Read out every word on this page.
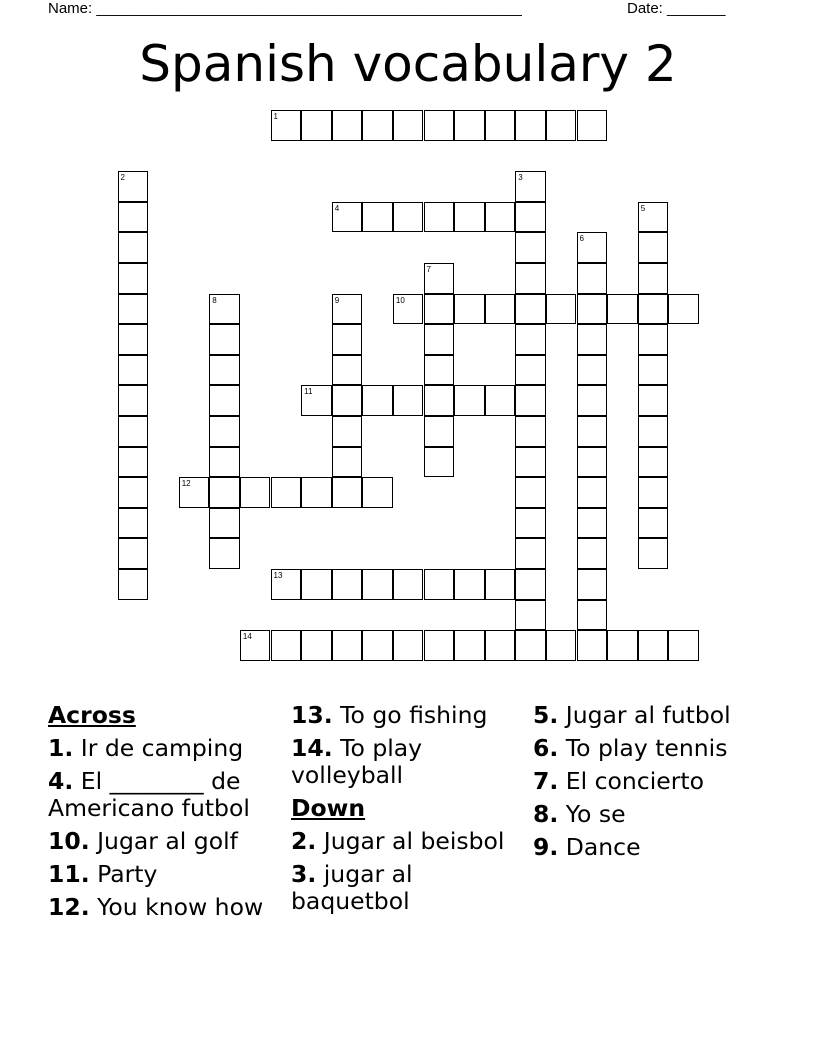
Name: ___________________________________________________	Date: _______
Spanish vocabulary 2
1
2	3
4	5
6
7
8	9	10
11
12
13
14
Across
1. Ir de camping
4. El ________ de Americano futbol
10. Jugar al golf
11. Party
12. You know how
13. To go fishing
14. To play volleyball
Down
2. Jugar al beisbol
3. jugar al baquetbol
5. Jugar al futbol
6. To play tennis
7. El concierto
8. Yo se
9. Dance
